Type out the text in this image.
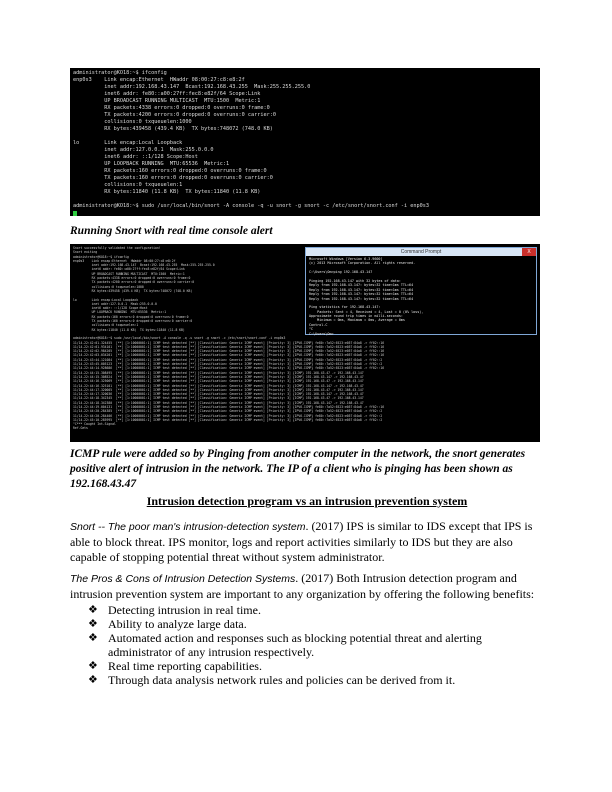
administrator@KO18:~$ ifconfig
enp0s3    Link encap:Ethernet  HWaddr 08:00:27:c8:e8:2f
inet addr:192.168.43.147  Bcast:192.168.43.255  Mask:255.255.255.0
inet6 addr: fe80::a00:27ff:fec8:e82f/64 Scope:Link
UP BROADCAST RUNNING MULTICAST  MTU:1500  Metric:1
RX packets:4338 errors:0 dropped:0 overruns:0 frame:0
TX packets:4200 errors:0 dropped:0 overruns:0 carrier:0
collisions:0 txqueuelen:1000
RX bytes:439458 (439.4 KB)  TX bytes:748072 (748.0 KB)
lo        Link encap:Local Loopback
inet addr:127.0.0.1  Mask:255.0.0.0
inet6 addr: ::1/128 Scope:Host
UP LOOPBACK RUNNING  MTU:65536  Metric:1
RX packets:160 errors:0 dropped:0 overruns:0 frame:0
TX packets:160 errors:0 dropped:0 overruns:0 carrier:0
collisions:0 txqueuelen:1
RX bytes:11840 (11.8 KB)  TX bytes:11840 (11.8 KB)
administrator@KO18:~$ sudo /usr/local/bin/snort -A console -q -u snort -g snort -c /etc/snort/snort.conf -i enp0s3
Running Snort with real time console alert
Snort successfully validated the configuration!
Snort exiting
administrator@KO18:~$ ifconfig
enp0s3    Link encap:Ethernet  HWaddr 08:00:27:c8:e8:2f
inet addr:192.168.43.147  Bcast:192.168.43.255  Mask:255.255.255.0
inet6 addr: fe80::a00:27ff:fec8:e82f/64 Scope:Link
UP BROADCAST RUNNING MULTICAST  MTU:1500  Metric:1
RX packets:4338 errors:0 dropped:0 overruns:0 frame:0
TX packets:4200 errors:0 dropped:0 overruns:0 carrier:0
collisions:0 txqueuelen:1000
RX bytes:439458 (439.4 KB)  TX bytes:748072 (748.0 KB)
lo        Link encap:Local Loopback
inet addr:127.0.0.1  Mask:255.0.0.0
inet6 addr: ::1/128 Scope:Host
UP LOOPBACK RUNNING  MTU:65536  Metric:1
RX packets:160 errors:0 dropped:0 overruns:0 frame:0
TX packets:160 errors:0 dropped:0 overruns:0 carrier:0
collisions:0 txqueuelen:1
RX bytes:11840 (11.8 KB)  TX bytes:11840 (11.8 KB)
administrator@KO18:~$ sudo /usr/local/bin/snort -A console -q -u snort -g snort -c /etc/snort/snort.conf -i enp0s3
11/14-22:42:01.324455  [**] [1:10000001:1] ICMP test detected [**] [Classification: Generic ICMP event] [Priority: 3] {IPV6-ICMP} fe80::7a52:6523:e057:84a8 -> ff02::16
11/14-22:42:01.934101  [**] [1:10000001:1] ICMP test detected [**] [Classification: Generic ICMP event] [Priority: 3] {IPV6-ICMP} fe80::7a52:6523:e057:84a8 -> ff02::16
11/14-22:42:02.984205  [**] [1:10000001:1] ICMP test detected [**] [Classification: Generic ICMP event] [Priority: 3] {IPV6-ICMP} fe80::7a52:6523:e057:84a8 -> ff02::16
11/14-22:42:03.034201  [**] [1:10000001:1] ICMP test detected [**] [Classification: Generic ICMP event] [Priority: 3] {IPV6-ICMP} fe80::7a52:6523:e057:84a8 -> ff02::16
11/14-22:43:44.121084  [**] [1:10000001:1] ICMP test detected [**] [Classification: Generic ICMP event] [Priority: 3] {IPV6-ICMP} fe80::7a52:6523:e057:84a8 -> ff02::2
11/14-22:43:45.005123  [**] [1:10000001:1] ICMP test detected [**] [Classification: Generic ICMP event] [Priority: 3] {IPV6-ICMP} fe80::7a52:6523:e057:84a8 -> ff02::2
11/14-22:44:14.928686  [**] [1:10000001:1] ICMP test detected [**] [Classification: Generic ICMP event] [Priority: 3] {IPV6-ICMP} fe80::7a52:6523:e057:84a8 -> ff02::16
11/14-22:44:15.308495  [**] [1:10000001:1] ICMP test detected [**] [Classification: Generic ICMP event] [Priority: 3] {ICMP} 192.168.43.47 -> 192.168.43.147
11/14-22:44:15.308524  [**] [1:10000001:1] ICMP test detected [**] [Classification: Generic ICMP event] [Priority: 3] {ICMP} 192.168.43.147 -> 192.168.43.47
11/14-22:44:16.325069  [**] [1:10000001:1] ICMP test detected [**] [Classification: Generic ICMP event] [Priority: 3] {ICMP} 192.168.43.47 -> 192.168.43.147
11/14-22:44:16.325101  [**] [1:10000001:1] ICMP test detected [**] [Classification: Generic ICMP event] [Priority: 3] {ICMP} 192.168.43.147 -> 192.168.43.47
11/14-22:44:17.320005  [**] [1:10000001:1] ICMP test detected [**] [Classification: Generic ICMP event] [Priority: 3] {ICMP} 192.168.43.47 -> 192.168.43.147
11/14-22:44:17.320036  [**] [1:10000001:1] ICMP test detected [**] [Classification: Generic ICMP event] [Priority: 3] {ICMP} 192.168.43.147 -> 192.168.43.47
11/14-22:44:18.342345  [**] [1:10000001:1] ICMP test detected [**] [Classification: Generic ICMP event] [Priority: 3] {ICMP} 192.168.43.47 -> 192.168.43.147
11/14-22:44:18.342380  [**] [1:10000001:1] ICMP test detected [**] [Classification: Generic ICMP event] [Priority: 3] {ICMP} 192.168.43.147 -> 192.168.43.47
11/14-22:44:19.004131  [**] [1:10000001:1] ICMP test detected [**] [Classification: Generic ICMP event] [Priority: 3] {IPV6-ICMP} fe80::7a52:6523:e057:84a8 -> ff02::16
11/14-22:44:20.284385  [**] [1:10000001:1] ICMP test detected [**] [Classification: Generic ICMP event] [Priority: 3] {IPV6-ICMP} fe80::7a52:6523:e057:84a8 -> ff02::2
11/14-22:44:20.284406  [**] [1:10000001:1] ICMP test detected [**] [Classification: Generic ICMP event] [Priority: 3] {IPV6-ICMP} fe80::7a52:6523:e057:84a8 -> ff02::2
11/14-22:45:10.285995  [**] [1:10000001:1] ICMP test detected [**] [Classification: Generic ICMP event] [Priority: 3] {IPV6-ICMP} fe80::7a52:6523:e057:84a8 -> ff02::2
^C*** Caught Int-Signal
Ref-Gets
Command Prompt	X
Microsoft Windows [Version 6.3.9600]
(c) 2013 Microsoft Corporation. All rights reserved.
C:\Users\Om>ping 192.168.43.147
Pinging 192.168.43.147 with 32 bytes of data:
Reply from 192.168.43.147: bytes=32 time<1ms TTL=64
Reply from 192.168.43.147: bytes=32 time<1ms TTL=64
Reply from 192.168.43.147: bytes=32 time<1ms TTL=64
Reply from 192.168.43.147: bytes=32 time<1ms TTL=64
Ping statistics for 192.168.43.147:
Packets: Sent = 4, Received = 4, Lost = 0 (0% loss),
Approximate round trip times in milli-seconds:
Minimum = 0ms, Maximum = 0ms, Average = 0ms
Control-C
^C
C:\Users\Om>
ICMP rule were added so by Pinging from another computer in the network, the snort generates positive alert of intrusion in the network. The IP of a client who is pinging has been shown as 192.168.43.47
Intrusion detection program vs an intrusion prevention system
Snort -- The poor man's intrusion-detection system. (2017) IPS is similar to IDS except that IPS is able to block threat. IPS monitor, logs and report activities similarly to IDS but they are also capable of stopping potential threat without system administrator.
The Pros & Cons of Intrusion Detection Systems. (2017) Both Intrusion detection program and intrusion prevention system are important to any organization by offering the following benefits:
❖ Detecting intrusion in real time.
❖ Ability to analyze large data.
❖ Automated action and responses such as blocking potential threat and alerting administrator of any intrusion respectively.
❖ Real time reporting capabilities.
❖ Through data analysis network rules and policies can be derived from it.
